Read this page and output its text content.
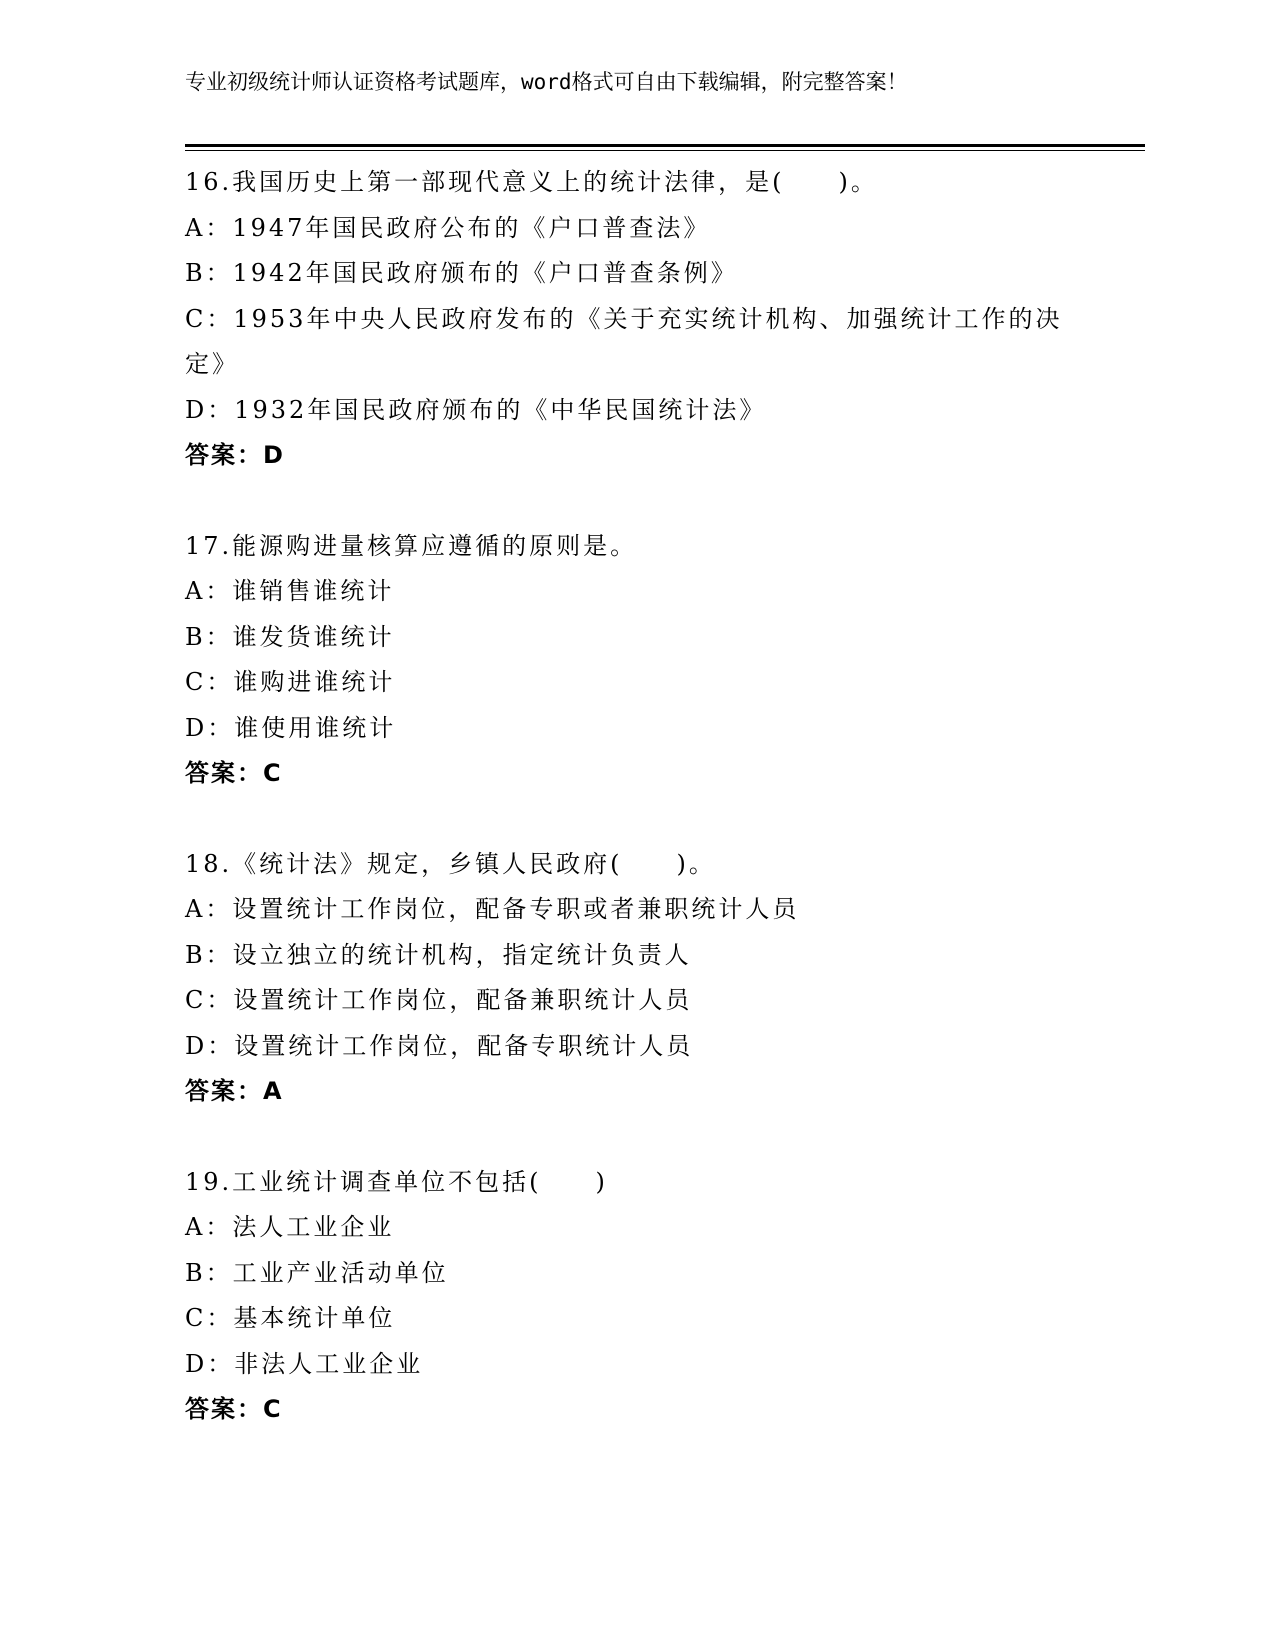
专业初级统计师认证资格考试题库，word格式可自由下载编辑，附完整答案！
16.我国历史上第一部现代意义上的统计法律，是(　　)。
A：1947年国民政府公布的《户口普查法》
B：1942年国民政府颁布的《户口普查条例》
C：1953年中央人民政府发布的《关于充实统计机构、加强统计工作的决定》
D：1932年国民政府颁布的《中华民国统计法》
答案：D
17.能源购进量核算应遵循的原则是。
A：谁销售谁统计
B：谁发货谁统计
C：谁购进谁统计
D：谁使用谁统计
答案：C
18.《统计法》规定，乡镇人民政府(　　)。
A：设置统计工作岗位，配备专职或者兼职统计人员
B：设立独立的统计机构，指定统计负责人
C：设置统计工作岗位，配备兼职统计人员
D：设置统计工作岗位，配备专职统计人员
答案：A
19.工业统计调查单位不包括(　　)
A：法人工业企业
B：工业产业活动单位
C：基本统计单位
D：非法人工业企业
答案：C
